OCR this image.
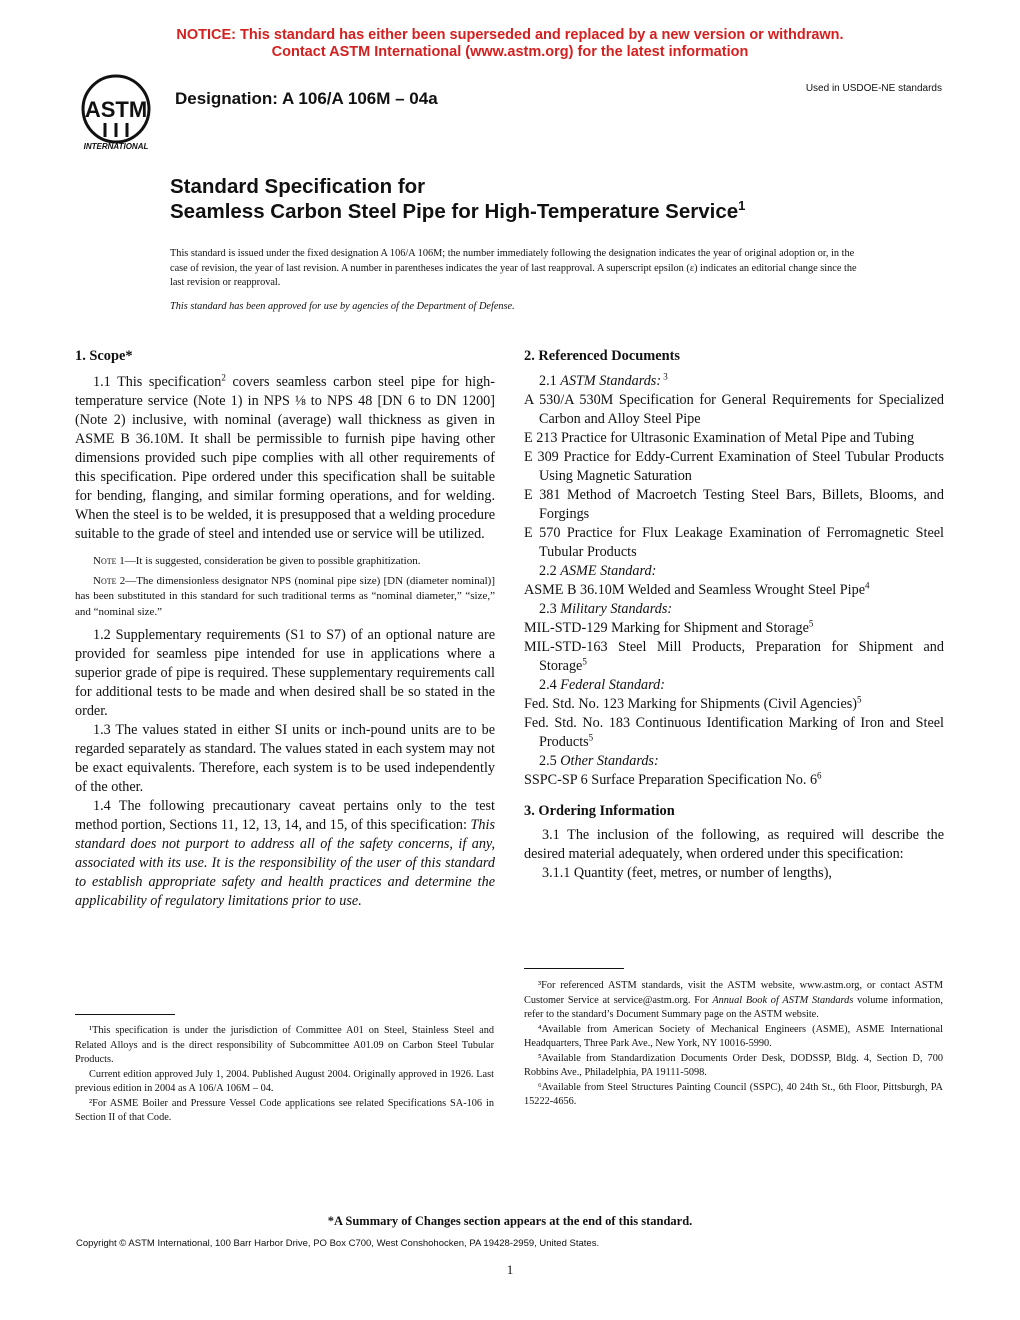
NOTICE: This standard has either been superseded and replaced by a new version or withdrawn.
Contact ASTM International (www.astm.org) for the latest information
ASTM
INTERNATIONAL
Designation: A 106/A 106M – 04a
Used in USDOE-NE standards
Standard Specification for
Seamless Carbon Steel Pipe for High-Temperature Service$^1$
This standard is issued under the fixed designation A 106/A 106M; the number immediately following the designation indicates the year of original adoption or, in the case of revision, the year of last revision. A number in parentheses indicates the year of last reapproval. A superscript epsilon (ε) indicates an editorial change since the last revision or reapproval.
This standard has been approved for use by agencies of the Department of Defense.

1. Scope*

1.1 This specification$^2$ covers seamless carbon steel pipe for high-temperature service (Note 1) in NPS ⅛ to NPS 48 [DN 6 to DN 1200] (Note 2) inclusive, with nominal (average) wall thickness as given in ASME B 36.10M. It shall be permissible to furnish pipe having other dimensions provided such pipe complies with all other requirements of this specification. Pipe ordered under this specification shall be suitable for bending, flanging, and similar forming operations, and for welding. When the steel is to be welded, it is presupposed that a welding procedure suitable to the grade of steel and intended use or service will be utilized.

Note 1—It is suggested, consideration be given to possible graphitization.

Note 2—The dimensionless designator NPS (nominal pipe size) [DN (diameter nominal)] has been substituted in this standard for such traditional terms as “nominal diameter,” “size,” and “nominal size.”

1.2 Supplementary requirements (S1 to S7) of an optional nature are provided for seamless pipe intended for use in applications where a superior grade of pipe is required. These supplementary requirements call for additional tests to be made and when desired shall be so stated in the order.

1.3 The values stated in either SI units or inch-pound units are to be regarded separately as standard. The values stated in each system may not be exact equivalents. Therefore, each system is to be used independently of the other.

1.4 The following precautionary caveat pertains only to the test method portion, Sections 11, 12, 13, 14, and 15, of this specification: This standard does not purport to address all of the safety concerns, if any, associated with its use. It is the responsibility of the user of this standard to establish appropriate safety and health practices and determine the applicability of regulatory limitations prior to use.

¹This specification is under the jurisdiction of Committee A01 on Steel, Stainless Steel and Related Alloys and is the direct responsibility of Subcommittee A01.09 on Carbon Steel Tubular Products.

Current edition approved July 1, 2004. Published August 2004. Originally approved in 1926. Last previous edition in 2004 as A 106/A 106M – 04.

²For ASME Boiler and Pressure Vessel Code applications see related Specifications SA-106 in Section II of that Code.

2. Referenced Documents

2.1 ASTM Standards: $^3$

A 530/A 530M Specification for General Requirements for Specialized Carbon and Alloy Steel Pipe

E 213 Practice for Ultrasonic Examination of Metal Pipe and Tubing

E 309 Practice for Eddy-Current Examination of Steel Tubular Products Using Magnetic Saturation

E 381 Method of Macroetch Testing Steel Bars, Billets, Blooms, and Forgings

E 570 Practice for Flux Leakage Examination of Ferromagnetic Steel Tubular Products

2.2 ASME Standard:

ASME B 36.10M Welded and Seamless Wrought Steel Pipe$^4$

2.3 Military Standards:

MIL-STD-129 Marking for Shipment and Storage$^5$

MIL-STD-163 Steel Mill Products, Preparation for Shipment and Storage$^5$

2.4 Federal Standard:

Fed. Std. No. 123 Marking for Shipments (Civil Agencies)$^5$

Fed. Std. No. 183 Continuous Identification Marking of Iron and Steel Products$^5$

2.5 Other Standards:

SSPC-SP 6 Surface Preparation Specification No. $6^6$

3. Ordering Information

3.1 The inclusion of the following, as required will describe the desired material adequately, when ordered under this specification:

3.1.1 Quantity (feet, metres, or number of lengths),

³For referenced ASTM standards, visit the ASTM website, www.astm.org, or contact ASTM Customer Service at service@astm.org. For Annual Book of ASTM Standards volume information, refer to the standard’s Document Summary page on the ASTM website.

⁴Available from American Society of Mechanical Engineers (ASME), ASME International Headquarters, Three Park Ave., New York, NY 10016-5990.

⁵Available from Standardization Documents Order Desk, DODSSP, Bldg. 4, Section D, 700 Robbins Ave., Philadelphia, PA 19111-5098.

⁶Available from Steel Structures Painting Council (SSPC), 40 24th St., 6th Floor, Pittsburgh, PA 15222-4656.

*A Summary of Changes section appears at the end of this standard.
Copyright © ASTM International, 100 Barr Harbor Drive, PO Box C700, West Conshohocken, PA 19428-2959, United States.
1
